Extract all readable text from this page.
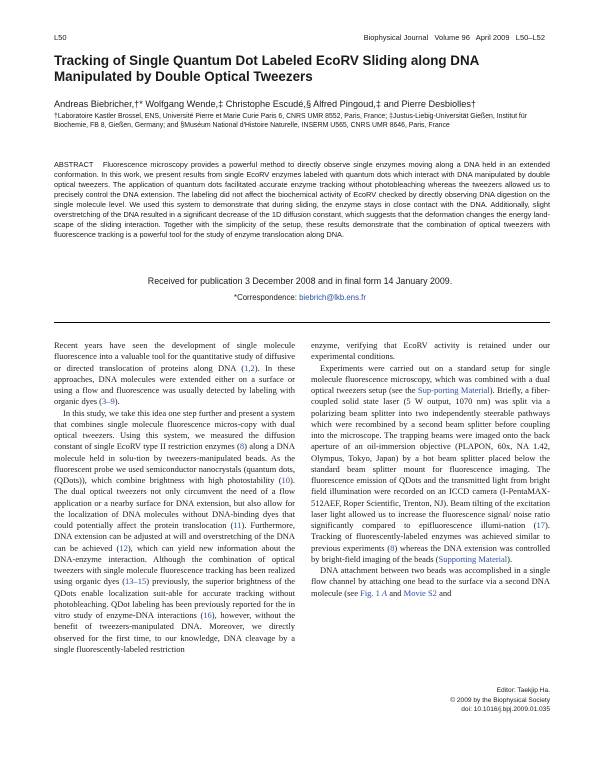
L50	Biophysical Journal Volume 96 April 2009 L50–L52
Tracking of Single Quantum Dot Labeled EcoRV Sliding along DNA Manipulated by Double Optical Tweezers
Andreas Biebricher,†* Wolfgang Wende,‡ Christophe Escudé,§ Alfred Pingoud,‡ and Pierre Desbiolles†
†Laboratoire Kastler Brossel, ENS, Université Pierre et Marie Curie Paris 6, CNRS UMR 8552, Paris, France; ‡Justus-Liebig-Universität Gießen, Institut für Biochemie, FB 8, Gießen, Germany; and §Muséum National d'Histoire Naturelle, INSERM U565, CNRS UMR 8646, Paris, France
ABSTRACT Fluorescence microscopy provides a powerful method to directly observe single enzymes moving along a DNA held in an extended conformation. In this work, we present results from single EcoRV enzymes labeled with quantum dots which interact with DNA manipulated by double optical tweezers. The application of quantum dots facilitated accurate enzyme tracking without photobleaching whereas the tweezers allowed us to precisely control the DNA extension. The labeling did not affect the biochemical activity of EcoRV checked by directly observing DNA digestion on the single molecule level. We used this system to demonstrate that during sliding, the enzyme stays in close contact with the DNA. Additionally, slight overstretching of the DNA resulted in a significant decrease of the 1D diffusion constant, which suggests that the deformation changes the energy land-scape of the sliding interaction. Together with the simplicity of the setup, these results demonstrate that the combination of optical tweezers with fluorescence tracking is a powerful tool for the study of enzyme translocation along DNA.
Received for publication 3 December 2008 and in final form 14 January 2009.
*Correspondence: biebrich@lkb.ens.fr

Recent years have seen the development of single molecule fluorescence into a valuable tool for the quantitative study of diffusive or directed translocation of proteins along DNA (1,2). In these approaches, DNA molecules were extended either on a surface or using a flow and fluorescence was usually detected by labeling with organic dyes (3–9).

In this study, we take this idea one step further and present a system that combines single molecule fluorescence micros-copy with dual optical tweezers. Using this system, we measured the diffusion constant of single EcoRV type II restriction enzymes (8) along a DNA molecule held in solu-tion by tweezers-manipulated beads. As the fluorescent probe we used semiconductor nanocrystals (quantum dots, (QDots)), which combine brightness with high photostability (10). The dual optical tweezers not only circumvent the need of a flow application or a nearby surface for DNA extension, but also allow for the localization of DNA molecules without DNA-binding dyes that could potentially affect the protein translocation (11). Furthermore, DNA extension can be adjusted at will and overstretching of the DNA can be achieved (12), which can yield new information about the DNA-enzyme interaction. Although the combination of optical tweezers with single molecule fluorescence tracking has been realized using organic dyes (13–15) previously, the superior brightness of the QDots enable localization suit-able for accurate tracking without photobleaching. QDot labeling has been previously reported for the in vitro study of enzyme-DNA interactions (16), however, without the benefit of tweezers-manipulated DNA. Moreover, we directly observed for the first time, to our knowledge, DNA cleavage by a single fluorescently-labeled restriction

enzyme, verifying that EcoRV activity is retained under our experimental conditions.

Experiments were carried out on a standard setup for single molecule fluorescence microscopy, which was combined with a dual optical tweezers setup (see the Sup-porting Material). Briefly, a fiber-coupled solid state laser (5 W output, 1070 nm) was split via a polarizing beam splitter into two independently steerable pathways which were recombined by a second beam splitter before coupling into the microscope. The trapping beams were imaged onto the back aperture of an oil-immersion objective (PLAPON, 60x, NA 1.42, Olympus, Tokyo, Japan) by a hot beam splitter placed below the standard beam splitter mount for fluorescence imaging. The fluorescence emission of QDots and the transmitted light from bright field illumination were recorded on an ICCD camera (I-PentaMAX-512AEF, Roper Scientific, Trenton, NJ). Beam tilting of the excitation laser light allowed us to increase the fluorescence signal/ noise ratio significantly compared to epifluorescence illumi-nation (17). Tracking of fluorescently-labeled enzymes was achieved similar to previous experiments (8) whereas the DNA extension was controlled by bright-field imaging of the beads (Supporting Material).

DNA attachment between two beads was accomplished in a single flow channel by attaching one bead to the surface via a second DNA molecule (see Fig. 1 A and Movie S2 and

Editor: Taekjip Ha.
© 2009 by the Biophysical Society
doi: 10.1016/j.bpj.2009.01.035
